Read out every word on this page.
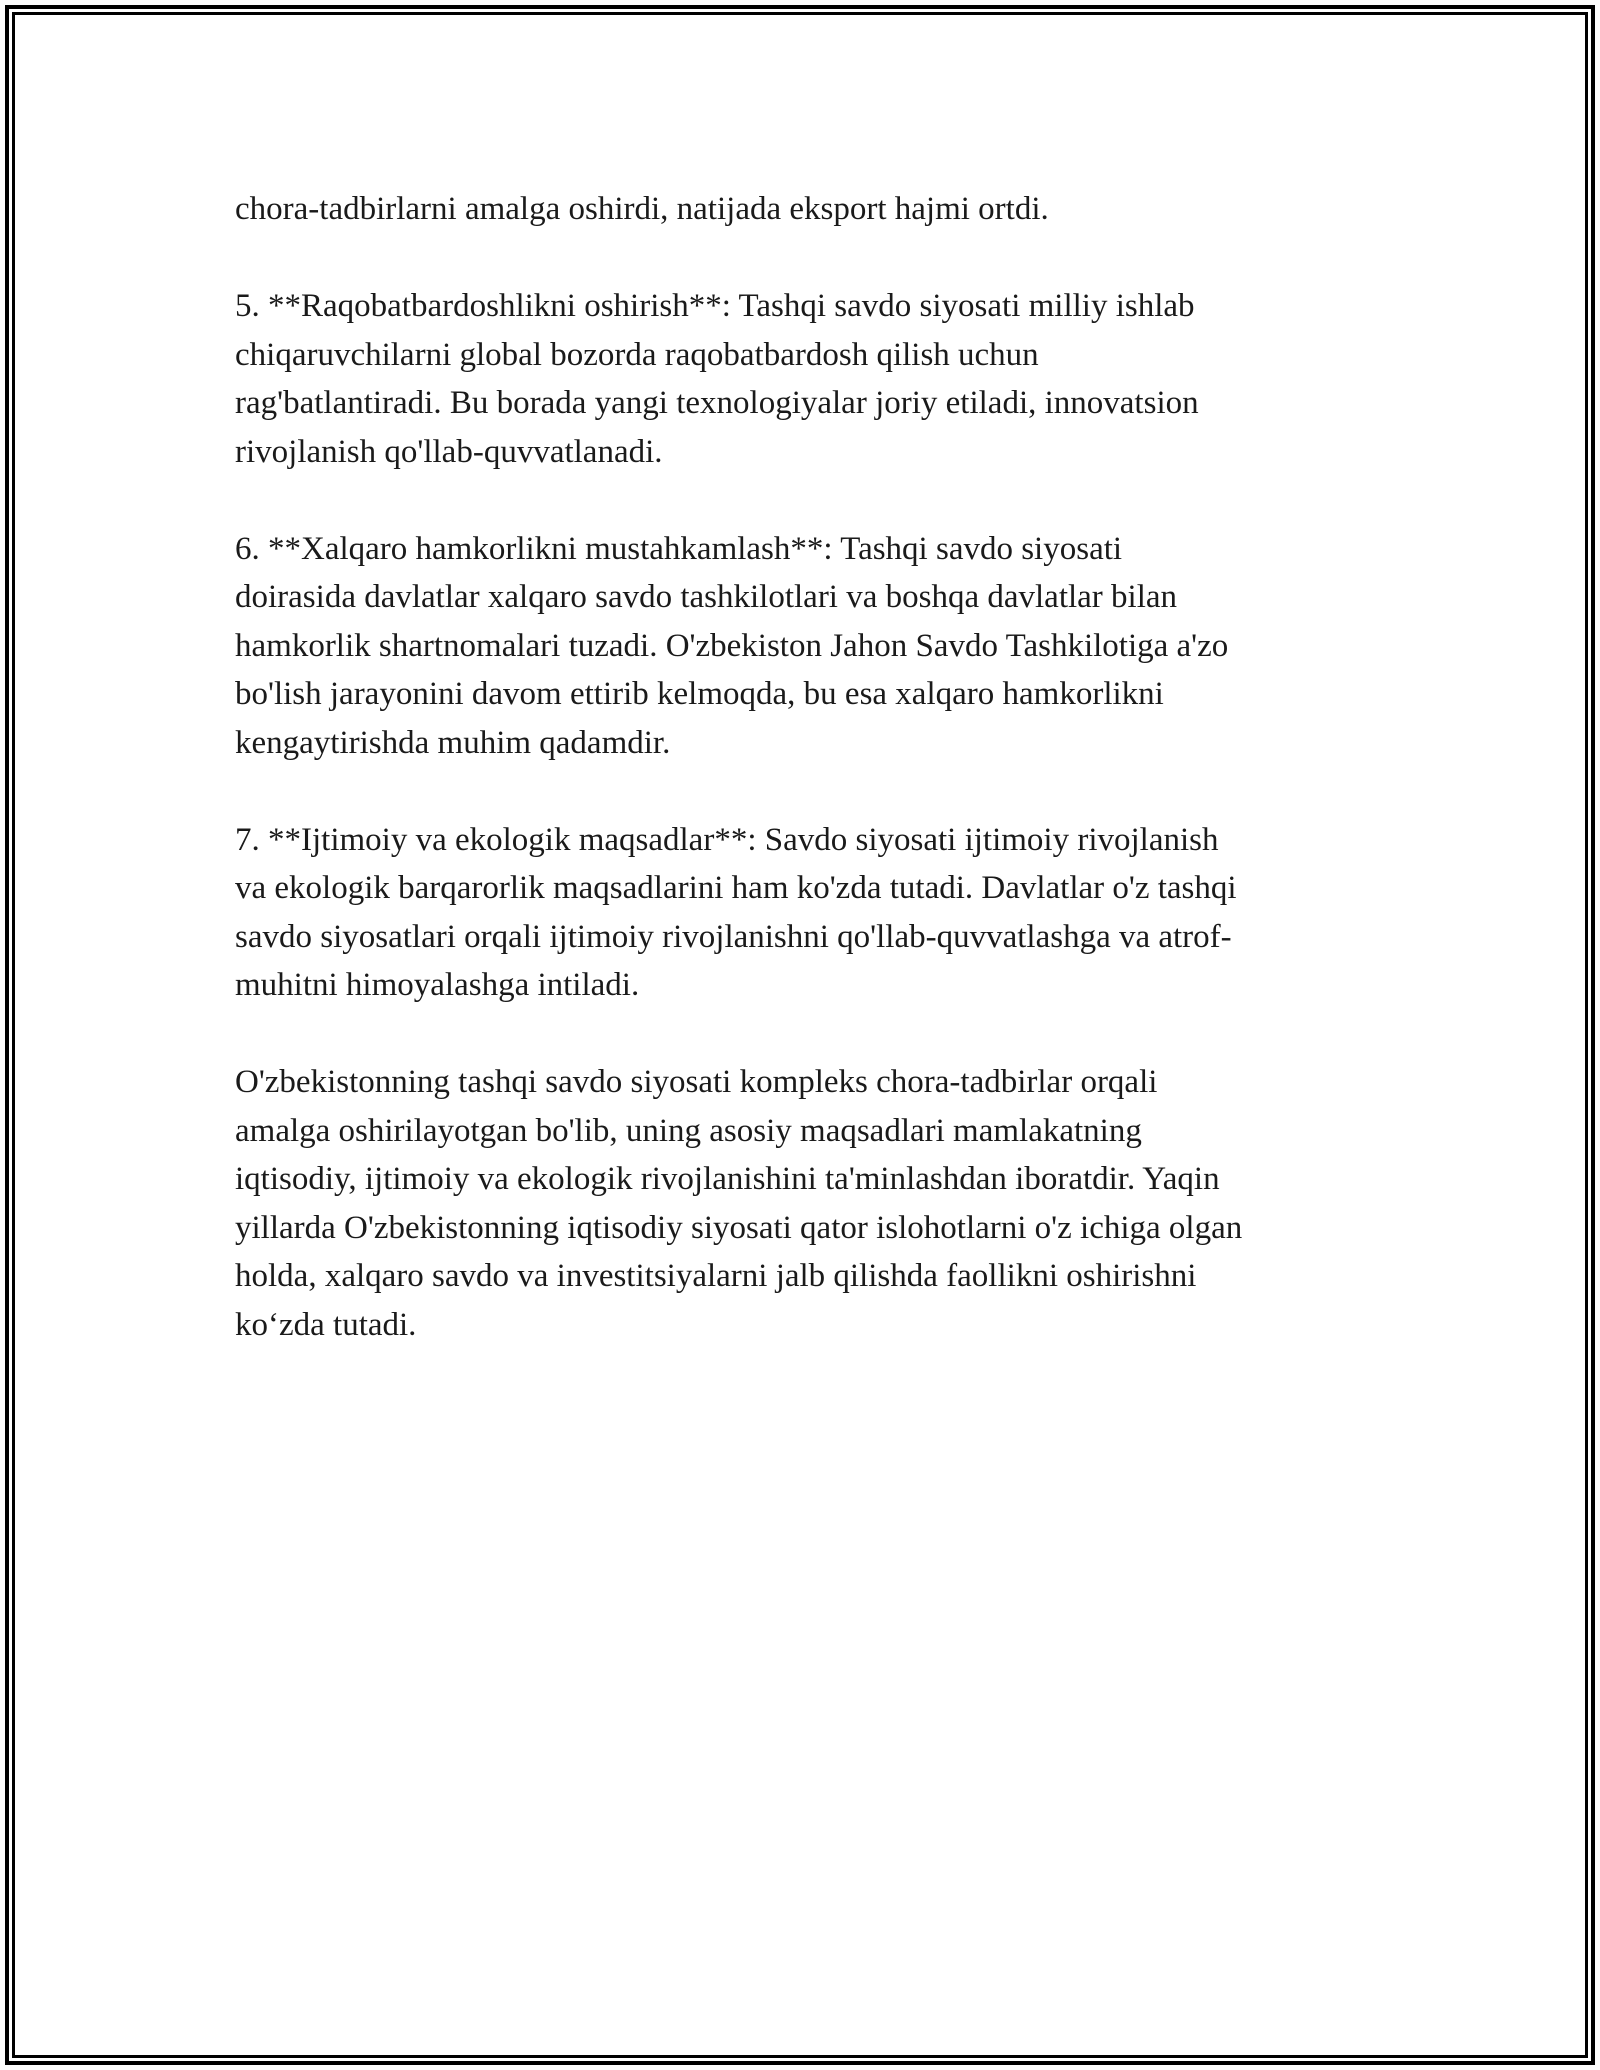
chora-tadbirlarni amalga oshirdi, natijada eksport hajmi ortdi.

5. **Raqobatbardoshlikni oshirish**: Tashqi savdo siyosati milliy ishlab
chiqaruvchilarni global bozorda raqobatbardosh qilish uchun
rag'batlantiradi. Bu borada yangi texnologiyalar joriy etiladi, innovatsion
rivojlanish qo'llab-quvvatlanadi.

6. **Xalqaro hamkorlikni mustahkamlash**: Tashqi savdo siyosati
doirasida davlatlar xalqaro savdo tashkilotlari va boshqa davlatlar bilan
hamkorlik shartnomalari tuzadi. O'zbekiston Jahon Savdo Tashkilotiga a'zo
bo'lish jarayonini davom ettirib kelmoqda, bu esa xalqaro hamkorlikni
kengaytirishda muhim qadamdir.

7. **Ijtimoiy va ekologik maqsadlar**: Savdo siyosati ijtimoiy rivojlanish
va ekologik barqarorlik maqsadlarini ham ko'zda tutadi. Davlatlar o'z tashqi
savdo siyosatlari orqali ijtimoiy rivojlanishni qo'llab-quvvatlashga va atrof-
muhitni himoyalashga intiladi.

O'zbekistonning tashqi savdo siyosati kompleks chora-tadbirlar orqali
amalga oshirilayotgan bo'lib, uning asosiy maqsadlari mamlakatning
iqtisodiy, ijtimoiy va ekologik rivojlanishini ta'minlashdan iboratdir. Yaqin
yillarda O'zbekistonning iqtisodiy siyosati qator islohotlarni o'z ichiga olgan
holda, xalqaro savdo va investitsiyalarni jalb qilishda faollikni oshirishni
ko‘zda tutadi.
